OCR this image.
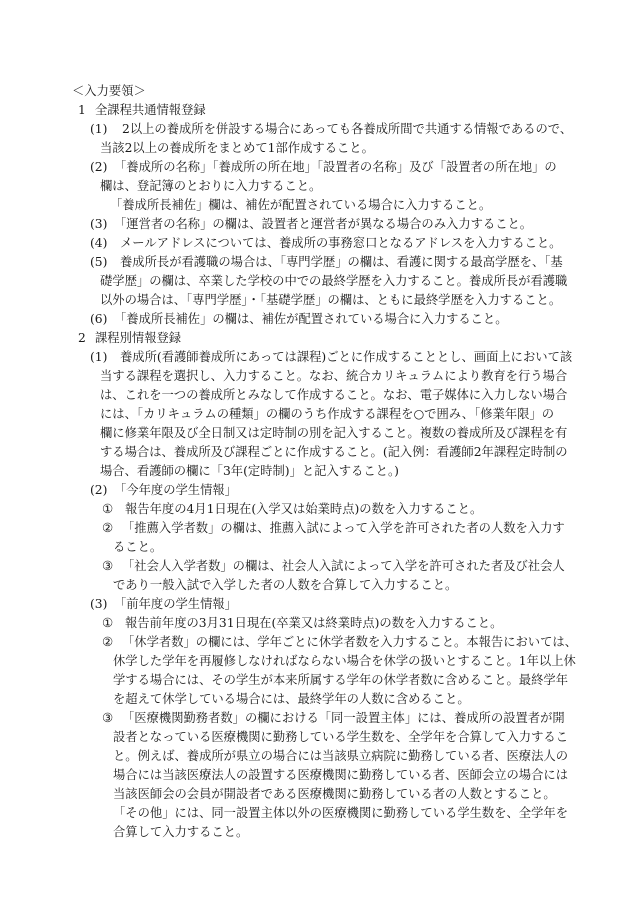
＜入力要領＞
1 全課程共通情報登録
(1) 2以上の養成所を併設する場合にあっても各養成所間で共通する情報であるので、
当該2以上の養成所をまとめて1部作成すること。
(2) 「養成所の名称」「養成所の所在地」「設置者の名称」及び「設置者の所在地」の
欄は、登記簿のとおりに入力すること。
「養成所長補佐」欄は、補佐が配置されている場合に入力すること。
(3) 「運営者の名称」の欄は、設置者と運営者が異なる場合のみ入力すること。
(4) メールアドレスについては、養成所の事務窓口となるアドレスを入力すること。
(5) 養成所長が看護職の場合は、「専門学歴」の欄は、看護に関する最高学歴を、「基
礎学歴」の欄は、卒業した学校の中での最終学歴を入力すること。養成所長が看護職
以外の場合は、「専門学歴」・「基礎学歴」の欄は、ともに最終学歴を入力すること。
(6) 「養成所長補佐」の欄は、補佐が配置されている場合に入力すること。
2 課程別情報登録
(1) 養成所(看護師養成所にあっては課程)ごとに作成することとし、画面上において該
当する課程を選択し、入力すること。なお、統合カリキュラムにより教育を行う場合
は、これを一つの養成所とみなして作成すること。なお、電子媒体に入力しない場合
には、「カリキュラムの種類」の欄のうち作成する課程を○で囲み、「修業年限」の
欄に修業年限及び全日制又は定時制の別を記入すること。複数の養成所及び課程を有
する場合は、養成所及び課程ごとに作成すること。(記入例：看護師2年課程定時制の
場合、看護師の欄に「3年(定時制)」と記入すること。)
(2) 「今年度の学生情報」
① 報告年度の4月1日現在(入学又は始業時点)の数を入力すること。
② 「推薦入学者数」の欄は、推薦入試によって入学を許可された者の人数を入力す
ること。
③ 「社会人入学者数」の欄は、社会人入試によって入学を許可された者及び社会人
であり一般入試で入学した者の人数を合算して入力すること。
(3) 「前年度の学生情報」
① 報告前年度の3月31日現在(卒業又は終業時点)の数を入力すること。
② 「休学者数」の欄には、学年ごとに休学者数を入力すること。本報告においては、
休学した学年を再履修しなければならない場合を休学の扱いとすること。1年以上休
学する場合には、その学生が本来所属する学年の休学者数に含めること。最終学年
を超えて休学している場合には、最終学年の人数に含めること。
③ 「医療機関勤務者数」の欄における「同一設置主体」には、養成所の設置者が開
設者となっている医療機関に勤務している学生数を、全学年を合算して入力するこ
と。例えば、養成所が県立の場合には当該県立病院に勤務している者、医療法人の
場合には当該医療法人の設置する医療機関に勤務している者、医師会立の場合には
当該医師会の会員が開設者である医療機関に勤務している者の人数とすること。
「その他」には、同一設置主体以外の医療機関に勤務している学生数を、全学年を
合算して入力すること。
